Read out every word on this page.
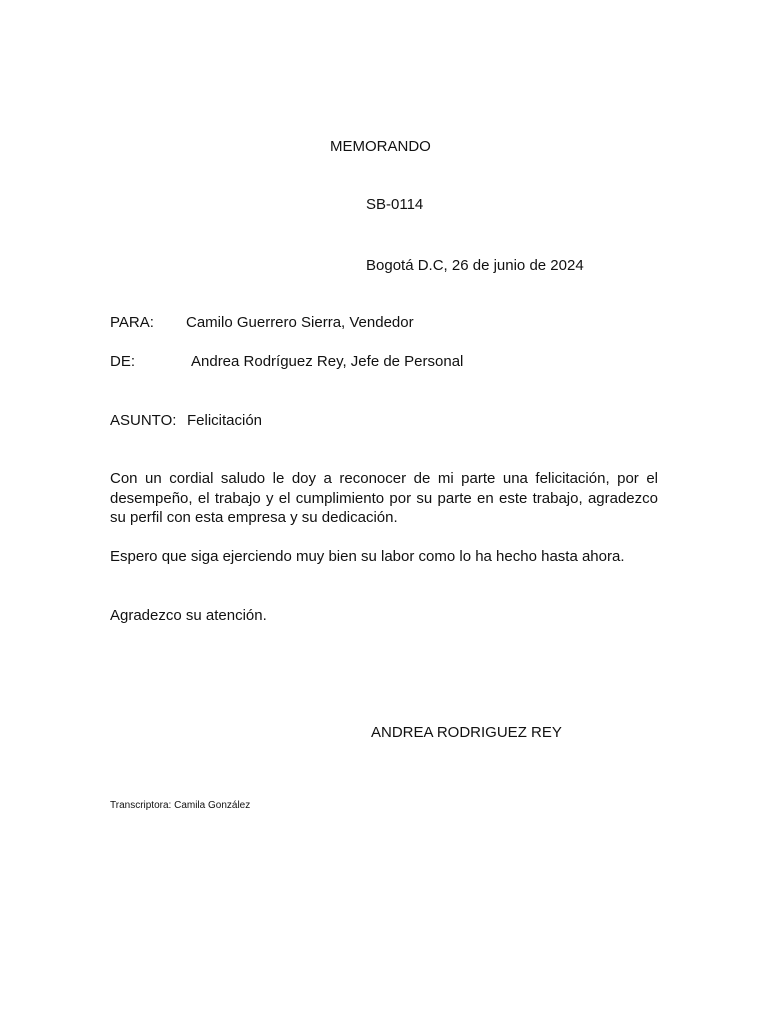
MEMORANDO
SB-0114
Bogotá D.C, 26 de junio de 2024
PARA: Camilo Guerrero Sierra, Vendedor
DE:	Andrea Rodríguez Rey, Jefe de Personal
ASUNTO: Felicitación
Con un cordial saludo le doy a reconocer de mi parte una felicitación, por el desempeño, el trabajo y el cumplimiento por su parte en este trabajo, agradezco su perfil con esta empresa y su dedicación.
Espero que siga ejerciendo muy bien su labor como lo ha hecho hasta ahora.
Agradezco su atención.
ANDREA RODRIGUEZ REY
Transcriptora: Camila González
